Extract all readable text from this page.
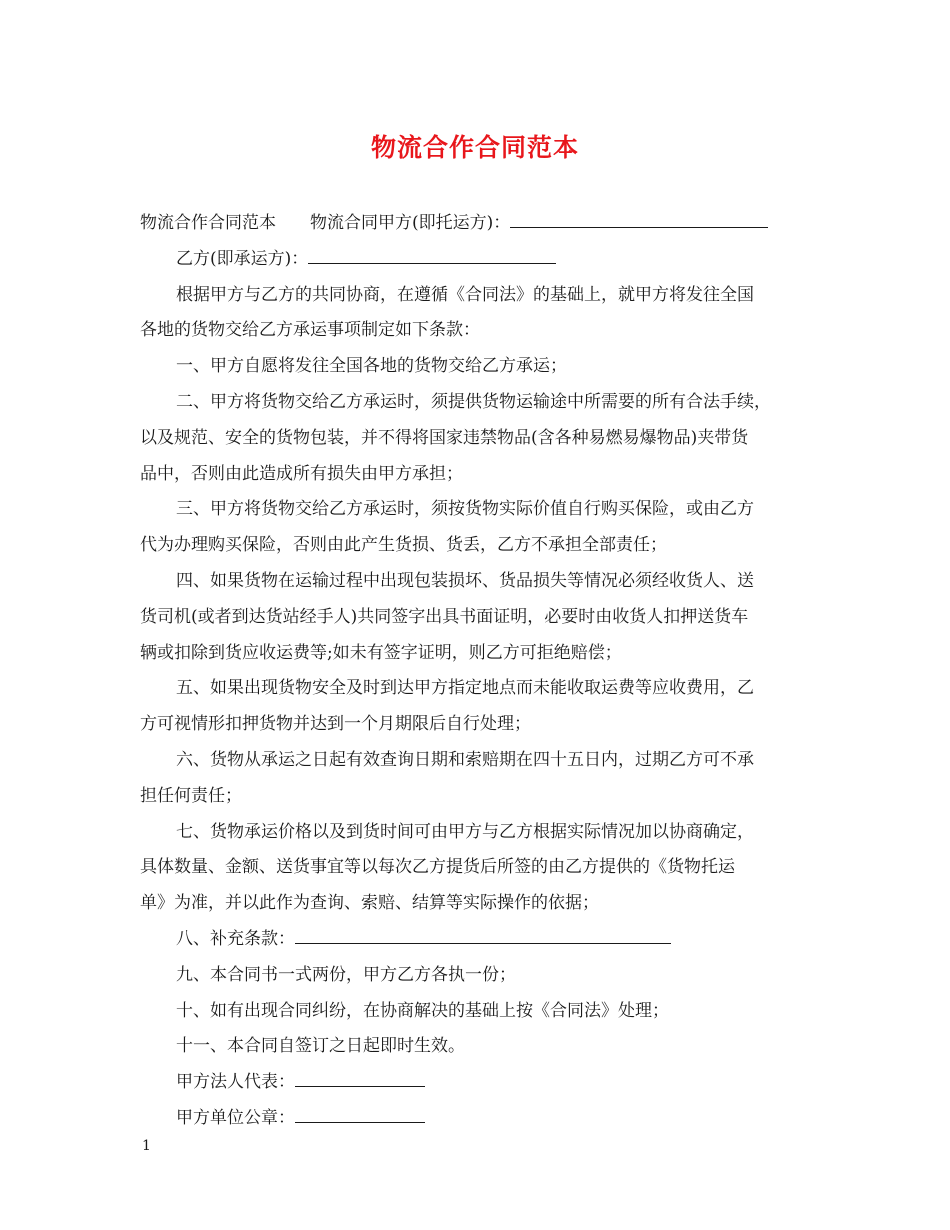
物流合作合同范本
物流合作合同范本 物流合同甲方(即托运方)：
乙方(即承运方)：
根据甲方与乙方的共同协商，在遵循《合同法》的基础上，就甲方将发往全国
各地的货物交给乙方承运事项制定如下条款：
一、甲方自愿将发往全国各地的货物交给乙方承运；
二、甲方将货物交给乙方承运时，须提供货物运输途中所需要的所有合法手续，
以及规范、安全的货物包装，并不得将国家违禁物品(含各种易燃易爆物品)夹带货
品中，否则由此造成所有损失由甲方承担；
三、甲方将货物交给乙方承运时，须按货物实际价值自行购买保险，或由乙方
代为办理购买保险，否则由此产生货损、货丢，乙方不承担全部责任；
四、如果货物在运输过程中出现包装损坏、货品损失等情况必须经收货人、送
货司机(或者到达货站经手人)共同签字出具书面证明，必要时由收货人扣押送货车
辆或扣除到货应收运费等;如未有签字证明，则乙方可拒绝赔偿；
五、如果出现货物安全及时到达甲方指定地点而未能收取运费等应收费用，乙
方可视情形扣押货物并达到一个月期限后自行处理；
六、货物从承运之日起有效查询日期和索赔期在四十五日内，过期乙方可不承
担任何责任；
七、货物承运价格以及到货时间可由甲方与乙方根据实际情况加以协商确定，
具体数量、金额、送货事宜等以每次乙方提货后所签的由乙方提供的《货物托运
单》为准，并以此作为查询、索赔、结算等实际操作的依据；
八、补充条款：
九、本合同书一式两份，甲方乙方各执一份；
十、如有出现合同纠纷，在协商解决的基础上按《合同法》处理；
十一、本合同自签订之日起即时生效。
甲方法人代表：
甲方单位公章：
1
